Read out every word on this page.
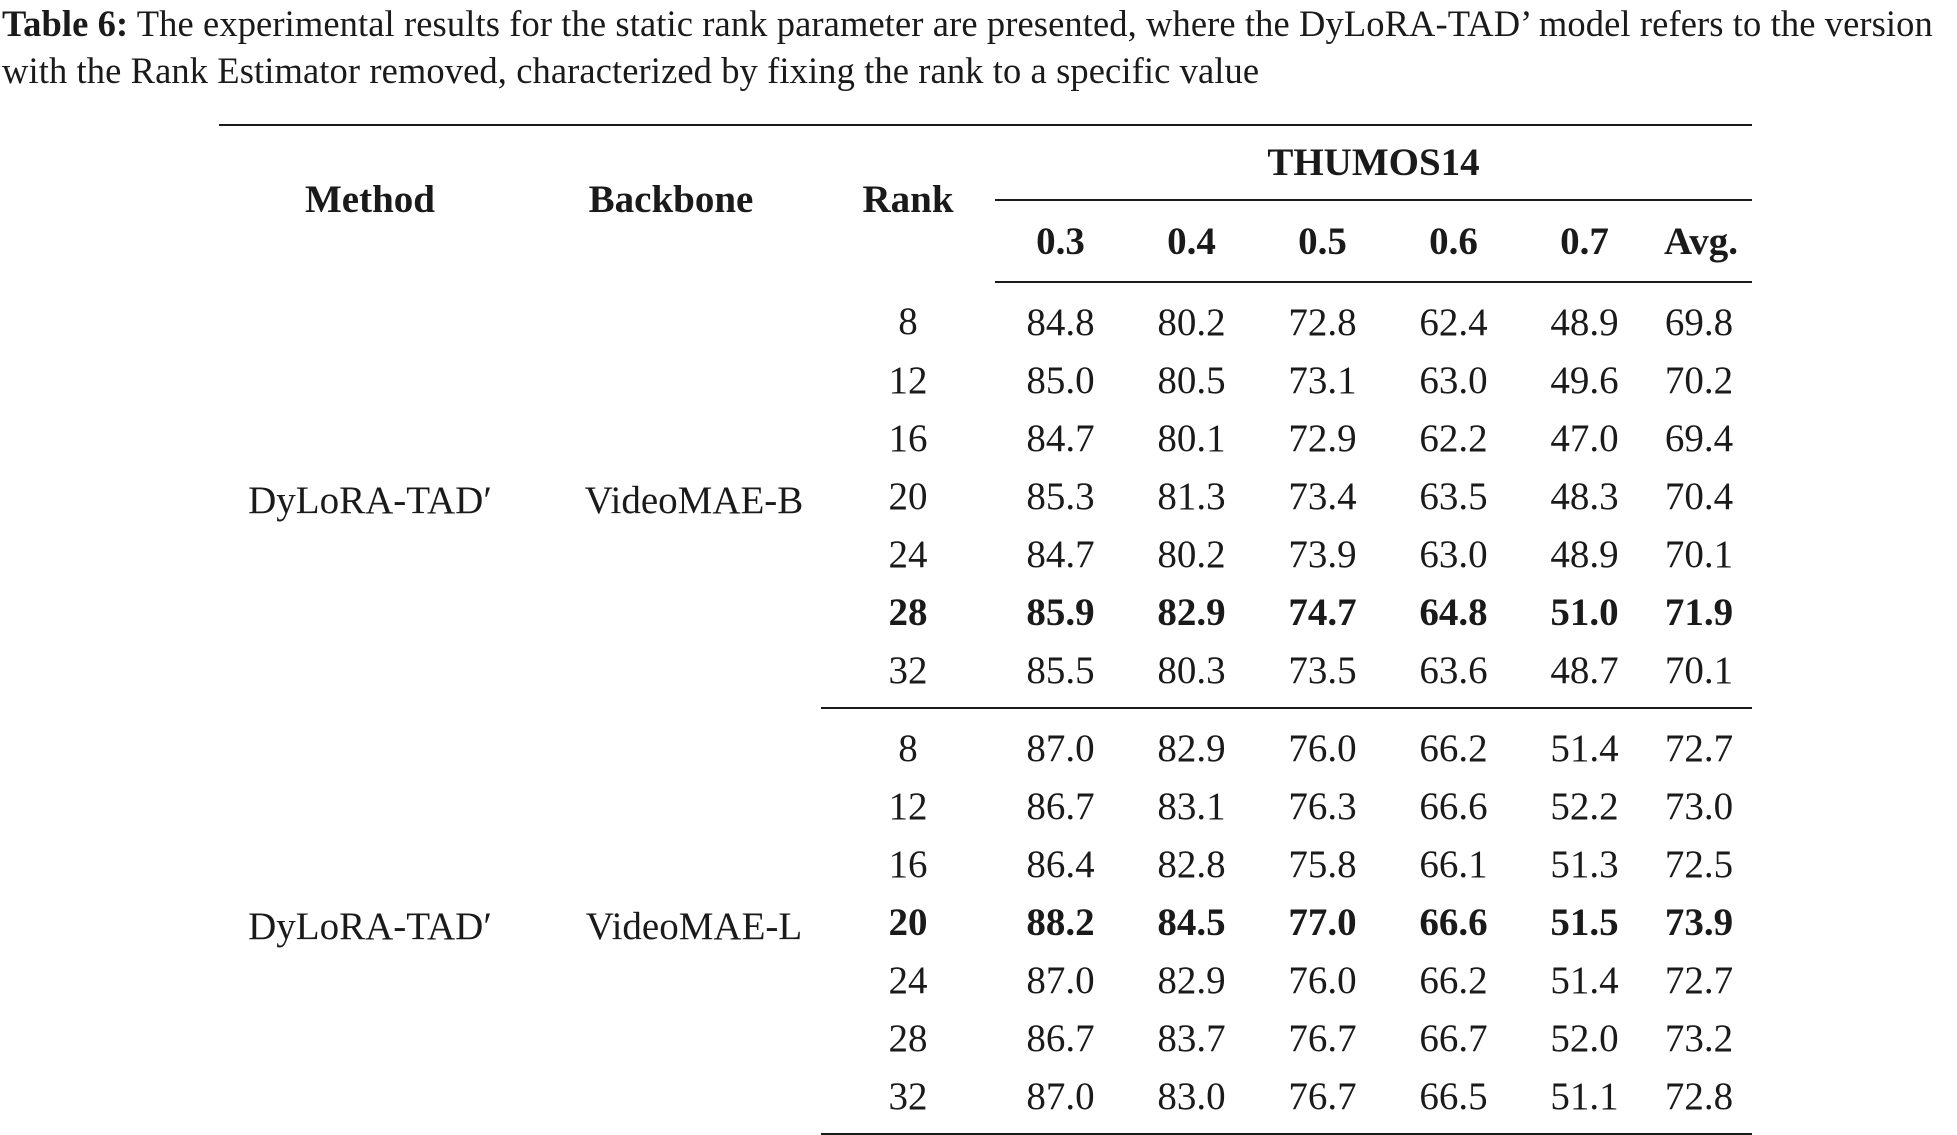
Table 6: The experimental results for the static rank parameter are presented, where the DyLoRA-TAD’ model refers to the version with the Rank Estimator removed, characterized by fixing the rank to a specific value
Method	Backbone	Rank	THUMOS14					
			0.3	0.4	0.5	0.6	0.7	Avg.
DyLoRA-TAD′	VideoMAE-B	8	84.8	80.2	72.8	62.4	48.9	69.8
		12	85.0	80.5	73.1	63.0	49.6	70.2
		16	84.7	80.1	72.9	62.2	47.0	69.4
		20	85.3	81.3	73.4	63.5	48.3	70.4
		24	84.7	80.2	73.9	63.0	48.9	70.1
		28	85.9	82.9	74.7	64.8	51.0	71.9
		32	85.5	80.3	73.5	63.6	48.7	70.1
DyLoRA-TAD′	VideoMAE-L	8	87.0	82.9	76.0	66.2	51.4	72.7
		12	86.7	83.1	76.3	66.6	52.2	73.0
		16	86.4	82.8	75.8	66.1	51.3	72.5
		20	88.2	84.5	77.0	66.6	51.5	73.9
		24	87.0	82.9	76.0	66.2	51.4	72.7
		28	86.7	83.7	76.7	66.7	52.0	73.2
		32	87.0	83.0	76.7	66.5	51.1	72.8
